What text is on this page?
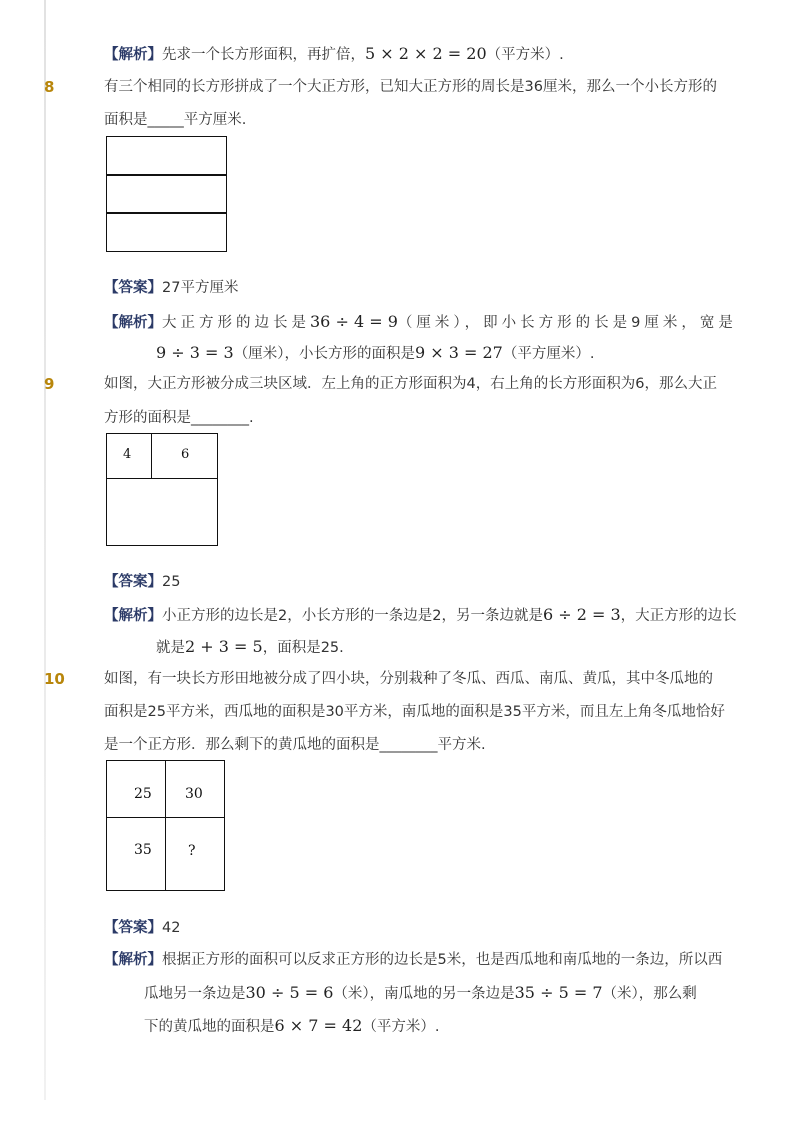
【解析】先求一个长方形面积，再扩倍，5 × 2 × 2 = 20（平方米）.
8	有三个相同的长方形拼成了一个大正方形，已知大正方形的周长是36厘米，那么一个小长方形的
面积是_____平方厘米.
【答案】27平方厘米
【解析】大正方形的边长是36 ÷ 4 = 9（厘米），即小长方形的长是9厘米，宽是
9 ÷ 3 = 3（厘米），小长方形的面积是9 × 3 = 27（平方厘米）.
9	如图，大正方形被分成三块区域．左上角的正方形面积为4，右上角的长方形面积为6，那么大正
方形的面积是________.
4	6
【答案】25
【解析】小正方形的边长是2，小长方形的一条边是2，另一条边就是6 ÷ 2 = 3，大正方形的边长
就是2 + 3 = 5，面积是25.
10	如图，有一块长方形田地被分成了四小块，分别栽种了冬瓜、西瓜、南瓜、黄瓜，其中冬瓜地的
面积是25平方米，西瓜地的面积是30平方米，南瓜地的面积是35平方米，而且左上角冬瓜地恰好
是一个正方形．那么剩下的黄瓜地的面积是________平方米.
25 30
35	?
【答案】42
【解析】根据正方形的面积可以反求正方形的边长是5米，也是西瓜地和南瓜地的一条边，所以西
瓜地另一条边是30 ÷ 5 = 6（米），南瓜地的另一条边是35 ÷ 5 = 7（米），那么剩
下的黄瓜地的面积是6 × 7 = 42（平方米）.
